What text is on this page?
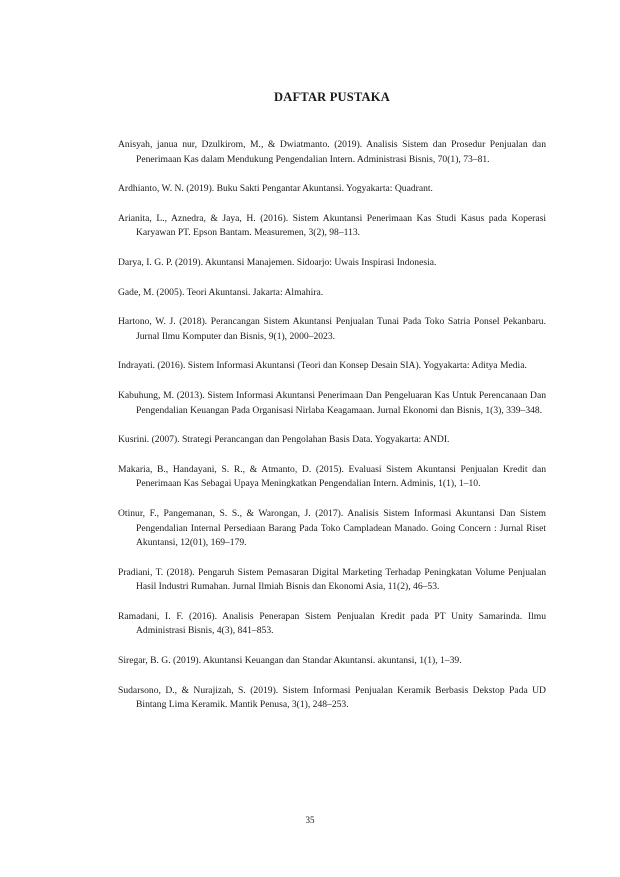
DAFTAR PUSTAKA
Anisyah, janua nur, Dzulkirom, M., & Dwiatmanto. (2019). Analisis Sistem dan Prosedur Penjualan dan Penerimaan Kas dalam Mendukung Pengendalian Intern. Administrasi Bisnis, 70(1), 73–81.
Ardhianto, W. N. (2019). Buku Sakti Pengantar Akuntansi. Yogyakarta: Quadrant.
Arianita, L., Aznedra, & Jaya, H. (2016). Sistem Akuntansi Penerimaan Kas Studi Kasus pada Koperasi Karyawan PT. Epson Bantam. Measuremen, 3(2), 98–113.
Darya, I. G. P. (2019). Akuntansi Manajemen. Sidoarjo: Uwais Inspirasi Indonesia.
Gade, M. (2005). Teori Akuntansi. Jakarta: Almahira.
Hartono, W. J. (2018). Perancangan Sistem Akuntansi Penjualan Tunai Pada Toko Satria Ponsel Pekanbaru. Jurnal Ilmu Komputer dan Bisnis, 9(1), 2000–2023.
Indrayati. (2016). Sistem Informasi Akuntansi (Teori dan Konsep Desain SIA). Yogyakarta: Aditya Media.
Kabuhung, M. (2013). Sistem Informasi Akuntansi Penerimaan Dan Pengeluaran Kas Untuk Perencanaan Dan Pengendalian Keuangan Pada Organisasi Nirlaba Keagamaan. Jurnal Ekonomi dan Bisnis, 1(3), 339–348.
Kusrini. (2007). Strategi Perancangan dan Pengolahan Basis Data. Yogyakarta: ANDI.
Makaria, B., Handayani, S. R., & Atmanto, D. (2015). Evaluasi Sistem Akuntansi Penjualan Kredit dan Penerimaan Kas Sebagai Upaya Meningkatkan Pengendalian Intern. Adminis, 1(1), 1–10.
Otinur, F., Pangemanan, S. S., & Warongan, J. (2017). Analisis Sistem Informasi Akuntansi Dan Sistem Pengendalian Internal Persediaan Barang Pada Toko Campladean Manado. Going Concern : Jurnal Riset Akuntansi, 12(01), 169–179.
Pradiani, T. (2018). Pengaruh Sistem Pemasaran Digital Marketing Terhadap Peningkatan Volume Penjualan Hasil Industri Rumahan. Jurnal Ilmiah Bisnis dan Ekonomi Asia, 11(2), 46–53.
Ramadani, I. F. (2016). Analisis Penerapan Sistem Penjualan Kredit pada PT Unity Samarinda. Ilmu Administrasi Bisnis, 4(3), 841–853.
Siregar, B. G. (2019). Akuntansi Keuangan dan Standar Akuntansi. akuntansi, 1(1), 1–39.
Sudarsono, D., & Nurajizah, S. (2019). Sistem Informasi Penjualan Keramik Berbasis Dekstop Pada UD Bintang Lima Keramik. Mantik Penusa, 3(1), 248–253.
35
